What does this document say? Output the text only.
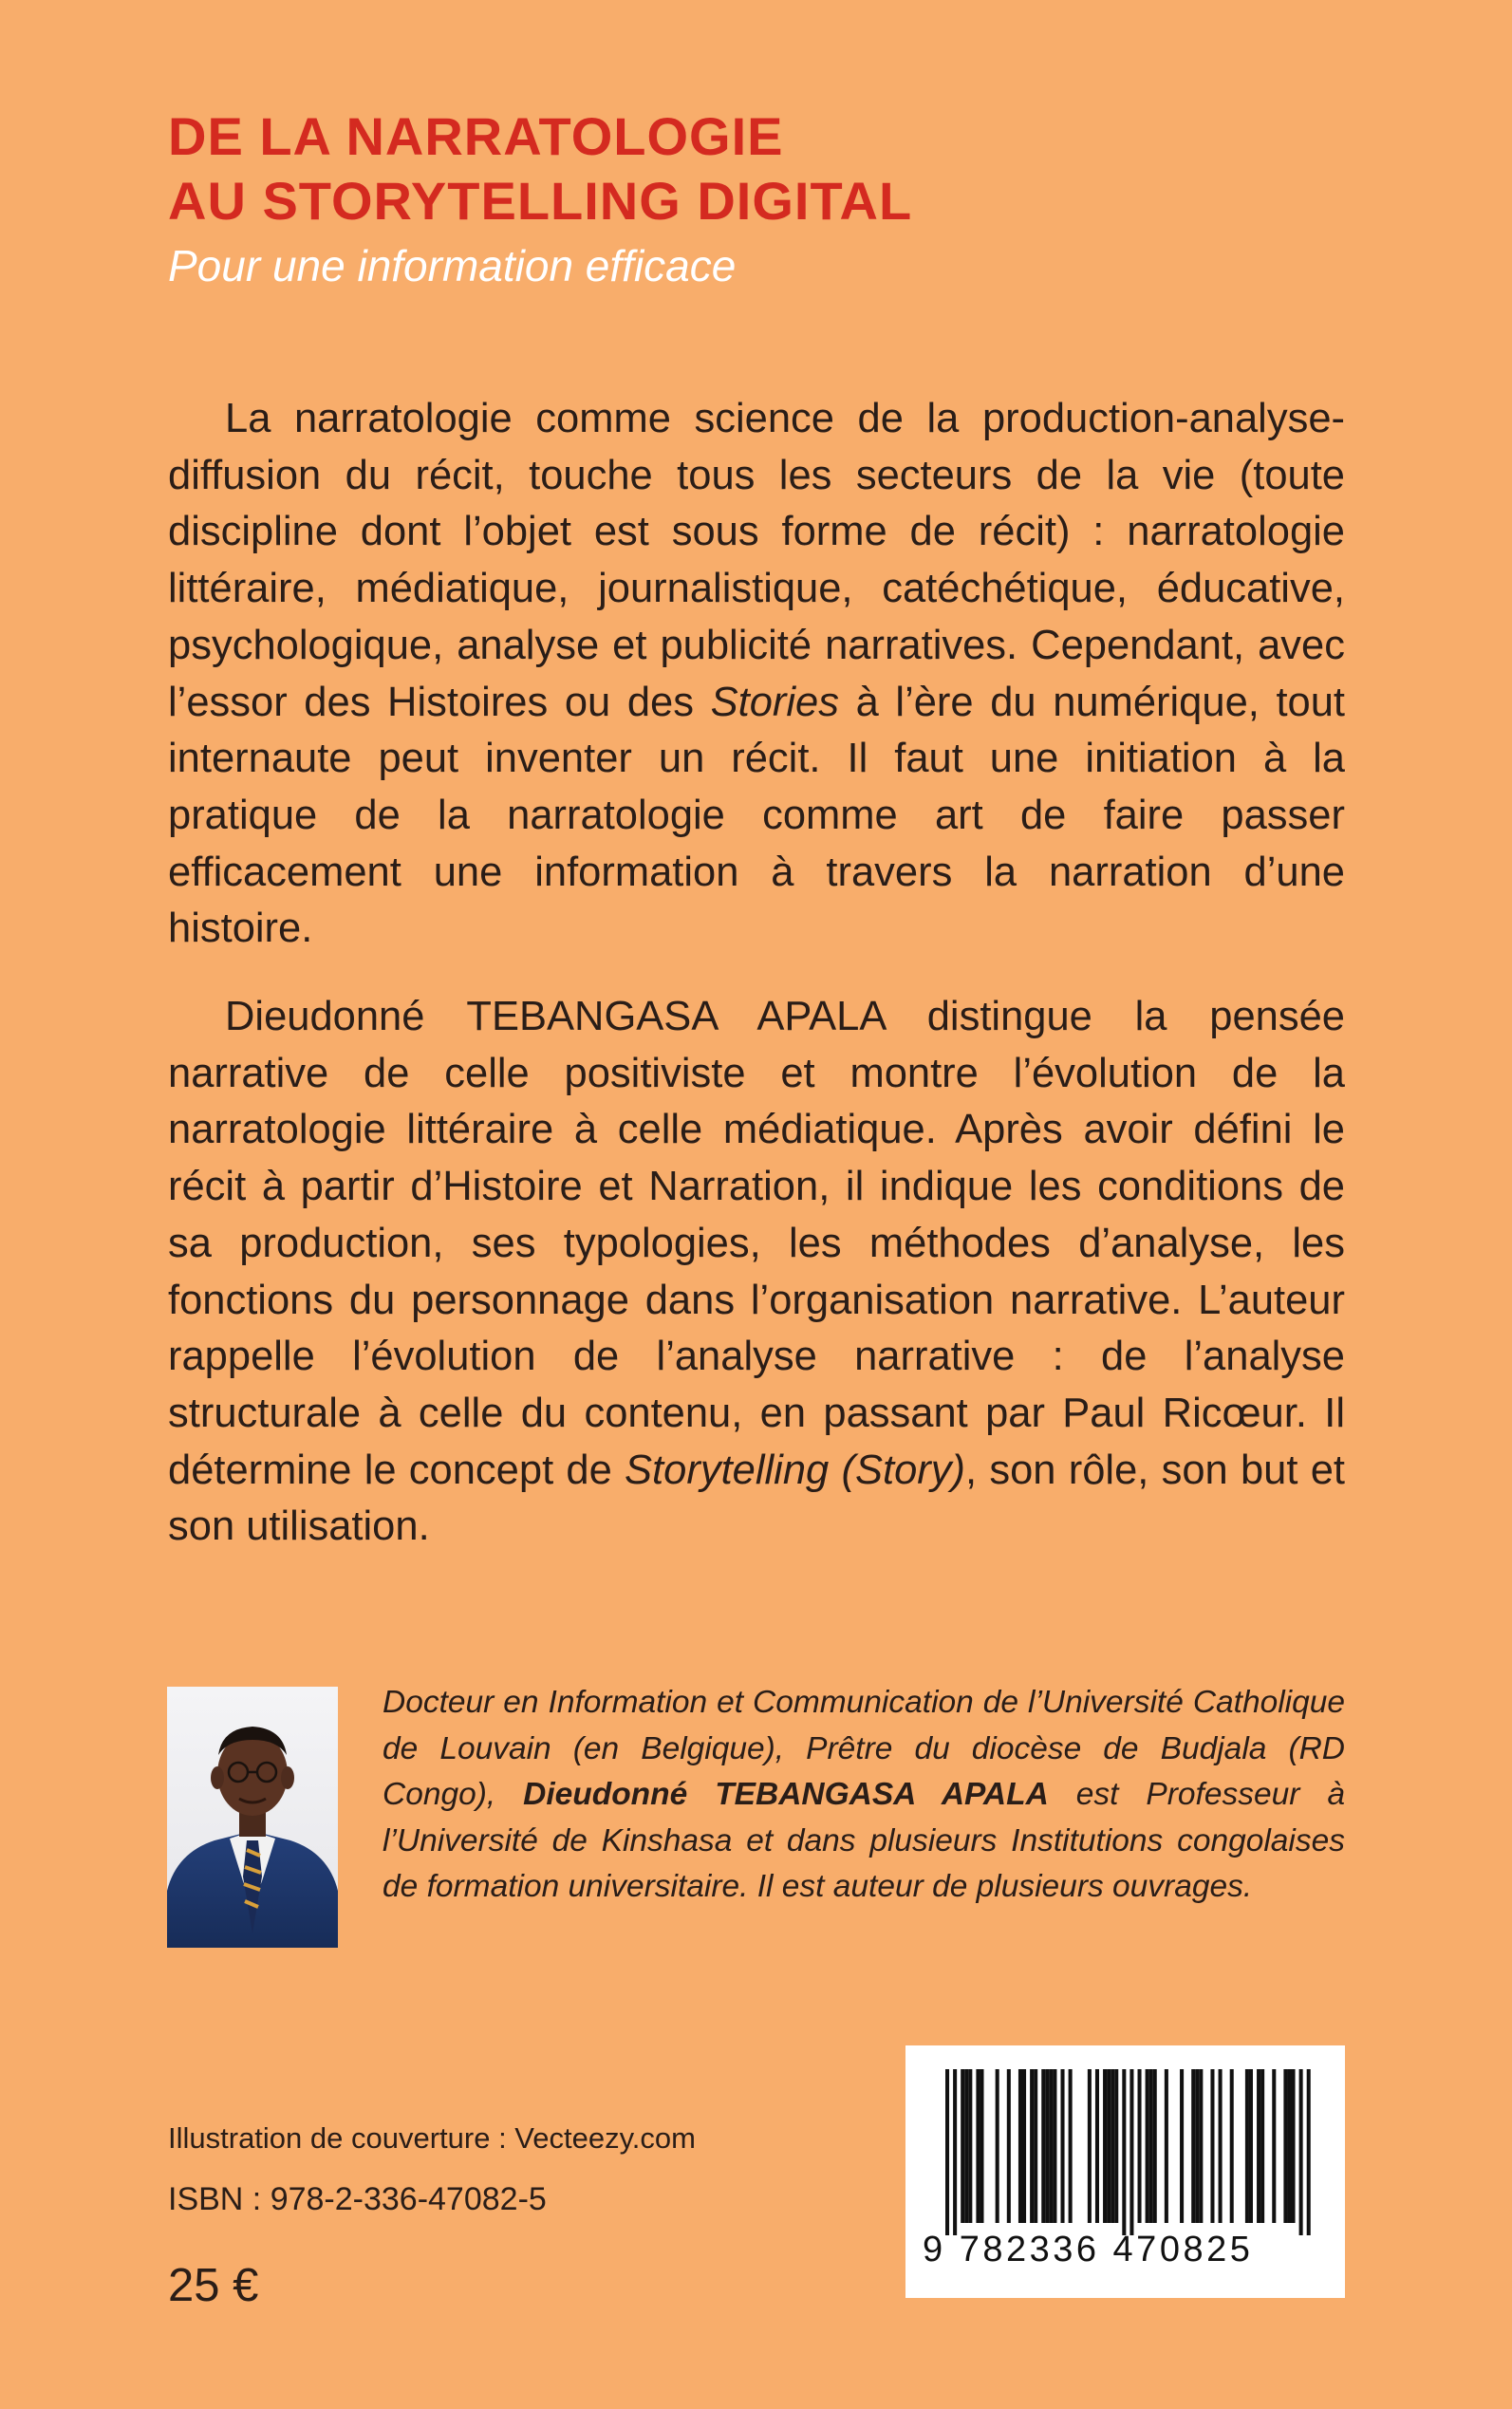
DE LA NARRATOLOGIE
AU STORYTELLING DIGITAL

Pour une information efficace

La narratologie comme science de la production-analyse-diffusion du récit, touche tous les secteurs de la vie (toute discipline dont l’objet est sous forme de récit) : narratologie littéraire, médiatique, journalistique, catéchétique, éducative, psychologique, analyse et publicité narratives. Cependant, avec l’essor des Histoires ou des Stories à l’ère du numérique, tout internaute peut inventer un récit. Il faut une initiation à la pratique de la narratologie comme art de faire passer efficacement une information à travers la narration d’une histoire.

Dieudonné TEBANGASA APALA distingue la pensée narrative de celle positiviste et montre l’évolution de la narratologie littéraire à celle médiatique. Après avoir défini le récit à partir d’Histoire et Narration, il indique les conditions de sa production, ses typologies, les méthodes d’analyse, les fonctions du personnage dans l’organisation narrative. L’auteur rappelle l’évolution de l’analyse narrative : de l’analyse structurale à celle du contenu, en passant par Paul Ricœur. Il détermine le concept de Storytelling (Story), son rôle, son but et son utilisation.

Docteur en Information et Communication de l’Université Catholique de Louvain (en Belgique), Prêtre du diocèse de Budjala (RD Congo), Dieudonné TEBANGASA APALA est Professeur à l’Université de Kinshasa et dans plusieurs Institutions congolaises de formation universitaire. Il est auteur de plusieurs ouvrages.

Illustration de couverture : Vecteezy.com

ISBN : 978-2-336-47082-5

25 €

9 782336 470825
